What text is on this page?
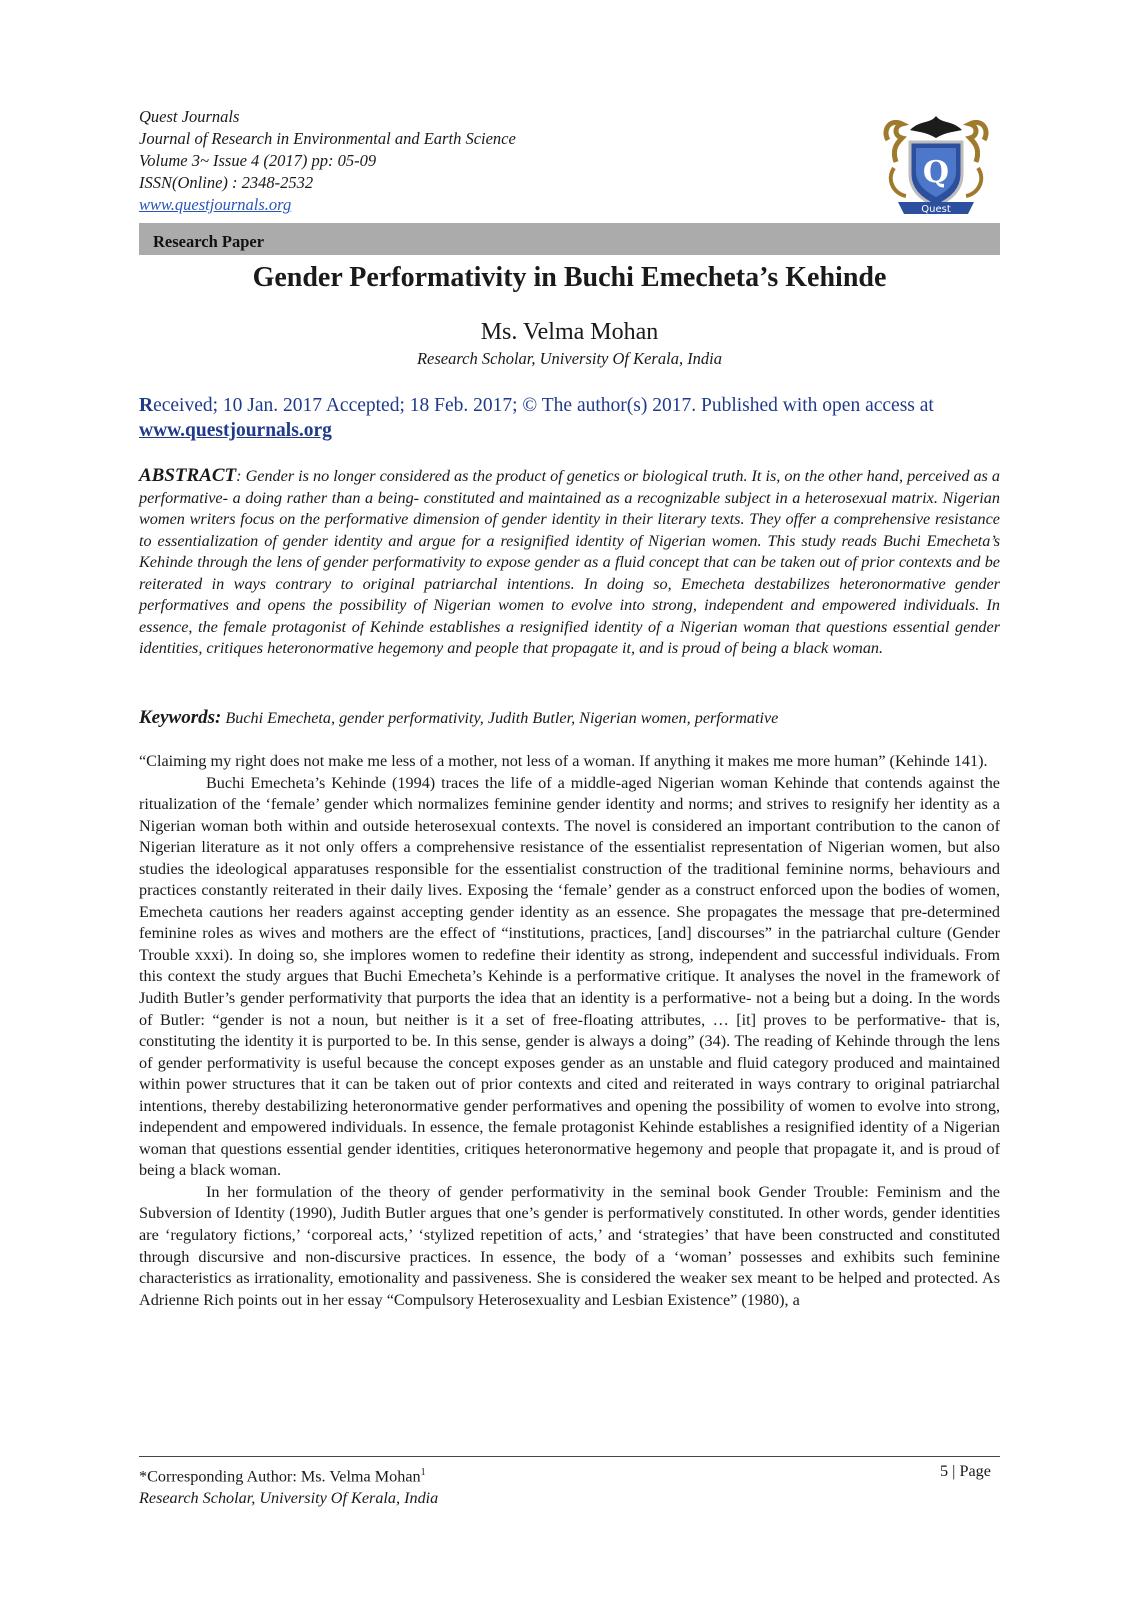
Quest Journals
Journal of Research in Environmental and Earth Science
Volume 3~ Issue 4 (2017) pp: 05-09
ISSN(Online) : 2348-2532
www.questjournals.org
Q
Quest
Research Paper
Gender Performativity in Buchi Emecheta’s Kehinde
Ms. Velma Mohan
Research Scholar, University Of Kerala, India
Received; 10 Jan. 2017 Accepted; 18 Feb. 2017; © The author(s) 2017. Published with open access at
www.questjournals.org
ABSTRACT: Gender is no longer considered as the product of genetics or biological truth. It is, on the other hand, perceived as a performative- a doing rather than a being- constituted and maintained as a recognizable subject in a heterosexual matrix. Nigerian women writers focus on the performative dimension of gender identity in their literary texts. They offer a comprehensive resistance to essentialization of gender identity and argue for a resignified identity of Nigerian women. This study reads Buchi Emecheta’s Kehinde through the lens of gender performativity to expose gender as a fluid concept that can be taken out of prior contexts and be reiterated in ways contrary to original patriarchal intentions. In doing so, Emecheta destabilizes heteronormative gender performatives and opens the possibility of Nigerian women to evolve into strong, independent and empowered individuals. In essence, the female protagonist of Kehinde establishes a resignified identity of a Nigerian woman that questions essential gender identities, critiques heteronormative hegemony and people that propagate it, and is proud of being a black woman.
Keywords: Buchi Emecheta, gender performativity, Judith Butler, Nigerian women, performative

“Claiming my right does not make me less of a mother, not less of a woman. If anything it makes me more human” (Kehinde 141).

Buchi Emecheta’s Kehinde (1994) traces the life of a middle-aged Nigerian woman Kehinde that contends against the ritualization of the ‘female’ gender which normalizes feminine gender identity and norms; and strives to resignify her identity as a Nigerian woman both within and outside heterosexual contexts. The novel is considered an important contribution to the canon of Nigerian literature as it not only offers a comprehensive resistance of the essentialist representation of Nigerian women, but also studies the ideological apparatuses responsible for the essentialist construction of the traditional feminine norms, behaviours and practices constantly reiterated in their daily lives. Exposing the ‘female’ gender as a construct enforced upon the bodies of women, Emecheta cautions her readers against accepting gender identity as an essence. She propagates the message that pre-determined feminine roles as wives and mothers are the effect of “institutions, practices, [and] discourses” in the patriarchal culture (Gender Trouble xxxi). In doing so, she implores women to redefine their identity as strong, independent and successful individuals. From this context the study argues that Buchi Emecheta’s Kehinde is a performative critique. It analyses the novel in the framework of Judith Butler’s gender performativity that purports the idea that an identity is a performative- not a being but a doing. In the words of Butler: “gender is not a noun, but neither is it a set of free-floating attributes, … [it] proves to be performative- that is, constituting the identity it is purported to be. In this sense, gender is always a doing” (34). The reading of Kehinde through the lens of gender performativity is useful because the concept exposes gender as an unstable and fluid category produced and maintained within power structures that it can be taken out of prior contexts and cited and reiterated in ways contrary to original patriarchal intentions, thereby destabilizing heteronormative gender performatives and opening the possibility of women to evolve into strong, independent and empowered individuals. In essence, the female protagonist Kehinde establishes a resignified identity of a Nigerian woman that questions essential gender identities, critiques heteronormative hegemony and people that propagate it, and is proud of being a black woman.

In her formulation of the theory of gender performativity in the seminal book Gender Trouble: Feminism and the Subversion of Identity (1990), Judith Butler argues that one’s gender is performatively constituted. In other words, gender identities are ‘regulatory fictions,’ ‘corporeal acts,’ ‘stylized repetition of acts,’ and ‘strategies’ that have been constructed and constituted through discursive and non-discursive practices. In essence, the body of a ‘woman’ possesses and exhibits such feminine characteristics as irrationality, emotionality and passiveness. She is considered the weaker sex meant to be helped and protected. As Adrienne Rich points out in her essay “Compulsory Heterosexuality and Lesbian Existence” (1980), a

*Corresponding Author: Ms. Velma Mohan$^1$
Research Scholar, University Of Kerala, India
5 | Page
